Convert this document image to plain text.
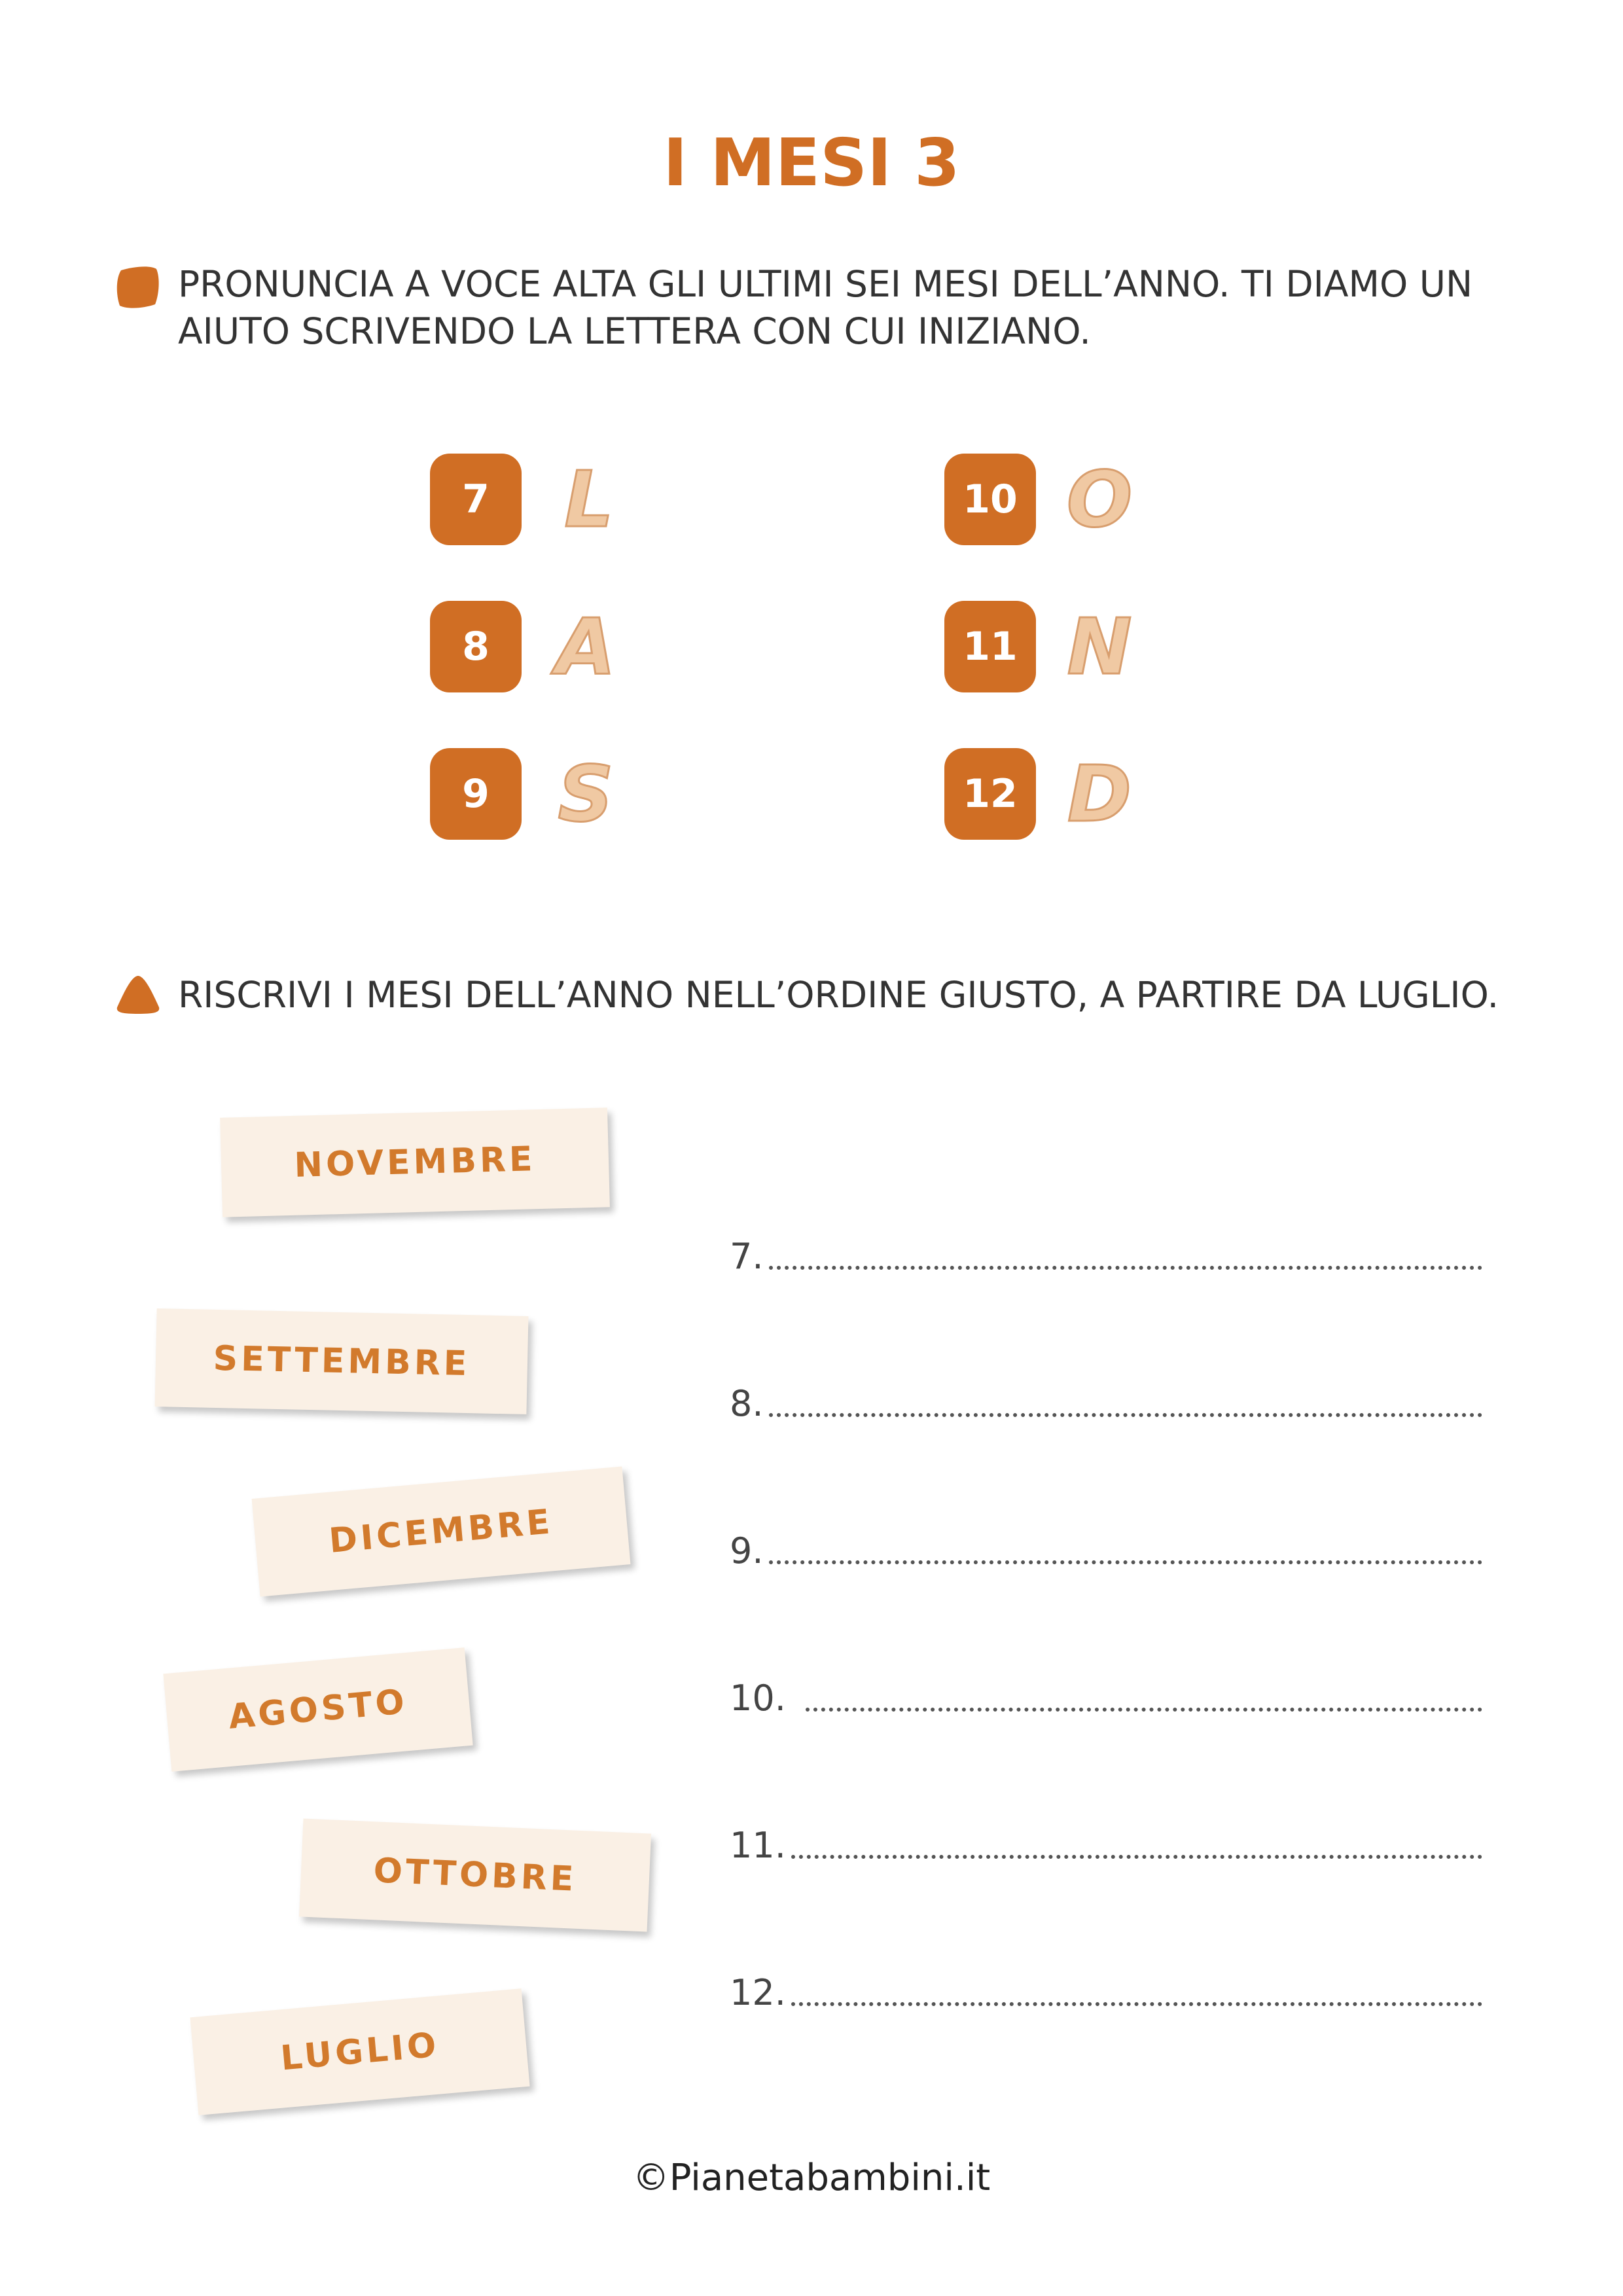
I MESI 3
PRONUNCIA A VOCE ALTA GLI ULTIMI SEI MESI DELL’ANNO. TI DIAMO UN
AIUTO SCRIVENDO LA LETTERA CON CUI INIZIANO.
7 L
8 A
9 S
10 O
11 N
12 D
RISCRIVI I MESI DELL’ANNO NELL’ORDINE GIUSTO, A PARTIRE DA LUGLIO.
NOVEMBRE
SETTEMBRE
DICEMBRE
AGOSTO
OTTOBRE
LUGLIO
7.
8.
9.
10.
11.
12.
©Pianetabambini.it
